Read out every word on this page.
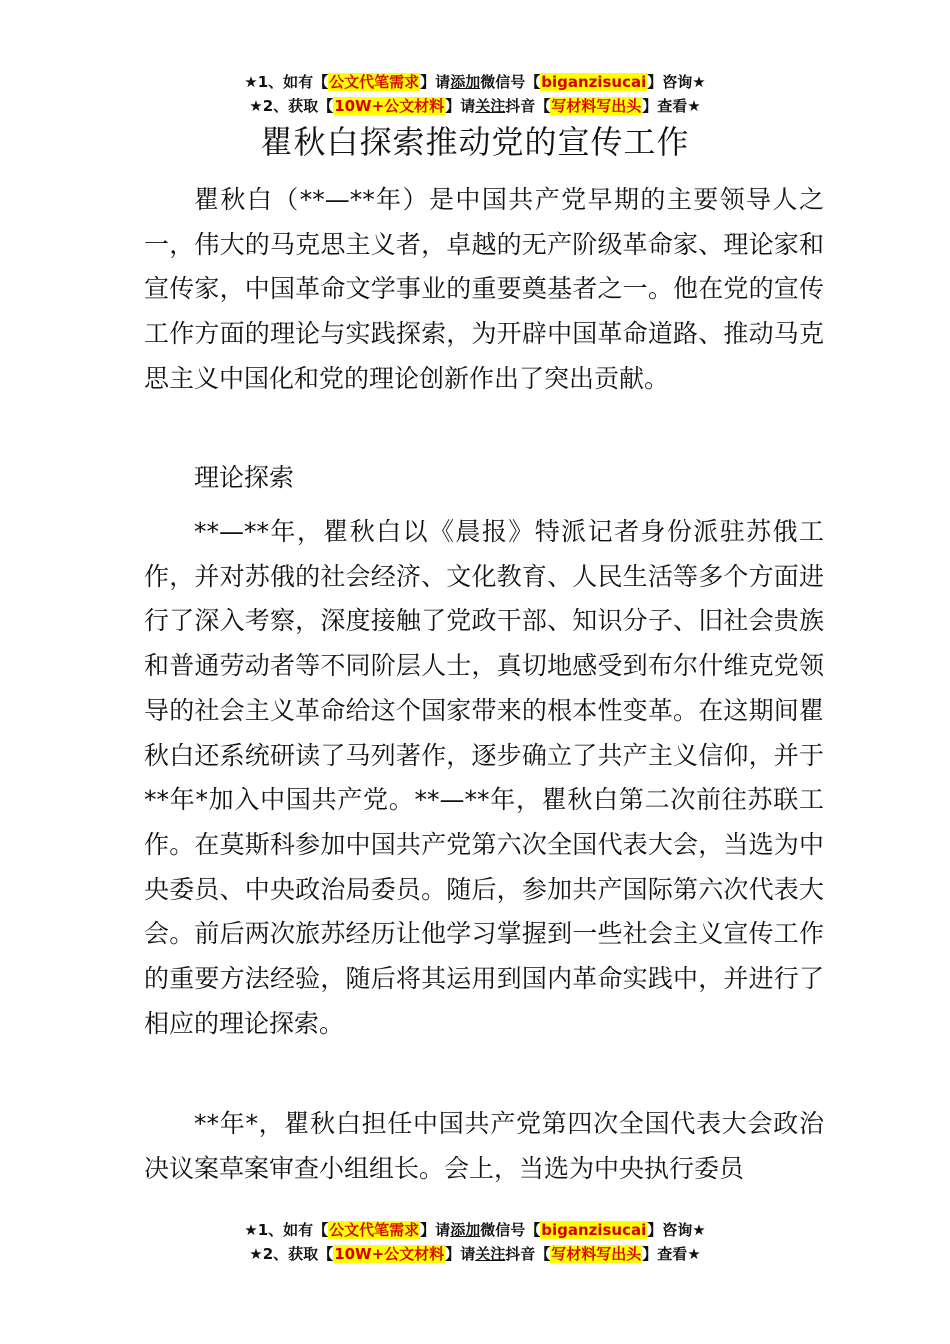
★1、如有【公文代笔需求】请添加微信号【biganzisucai】咨询★
★2、获取【10W+公文材料】请关注抖音【写材料写出头】查看★
瞿秋白探索推动党的宣传工作

瞿秋白（**—**年）是中国共产党早期的主要领导人之一，伟大的马克思主义者，卓越的无产阶级革命家、理论家和宣传家，中国革命文学事业的重要奠基者之一。他在党的宣传工作方面的理论与实践探索，为开辟中国革命道路、推动马克思主义中国化和党的理论创新作出了突出贡献。

理论探索

**—**年，瞿秋白以《晨报》特派记者身份派驻苏俄工作，并对苏俄的社会经济、文化教育、人民生活等多个方面进行了深入考察，深度接触了党政干部、知识分子、旧社会贵族和普通劳动者等不同阶层人士，真切地感受到布尔什维克党领导的社会主义革命给这个国家带来的根本性变革。在这期间瞿秋白还系统研读了马列著作，逐步确立了共产主义信仰，并于**年*加入中国共产党。**—**年，瞿秋白第二次前往苏联工作。在莫斯科参加中国共产党第六次全国代表大会，当选为中央委员、中央政治局委员。随后，参加共产国际第六次代表大会。前后两次旅苏经历让他学习掌握到一些社会主义宣传工作的重要方法经验，随后将其运用到国内革命实践中，并进行了相应的理论探索。

**年*，瞿秋白担任中国共产党第四次全国代表大会政治决议案草案审查小组组长。会上，当选为中央执行委员

★1、如有【公文代笔需求】请添加微信号【biganzisucai】咨询★
★2、获取【10W+公文材料】请关注抖音【写材料写出头】查看★
